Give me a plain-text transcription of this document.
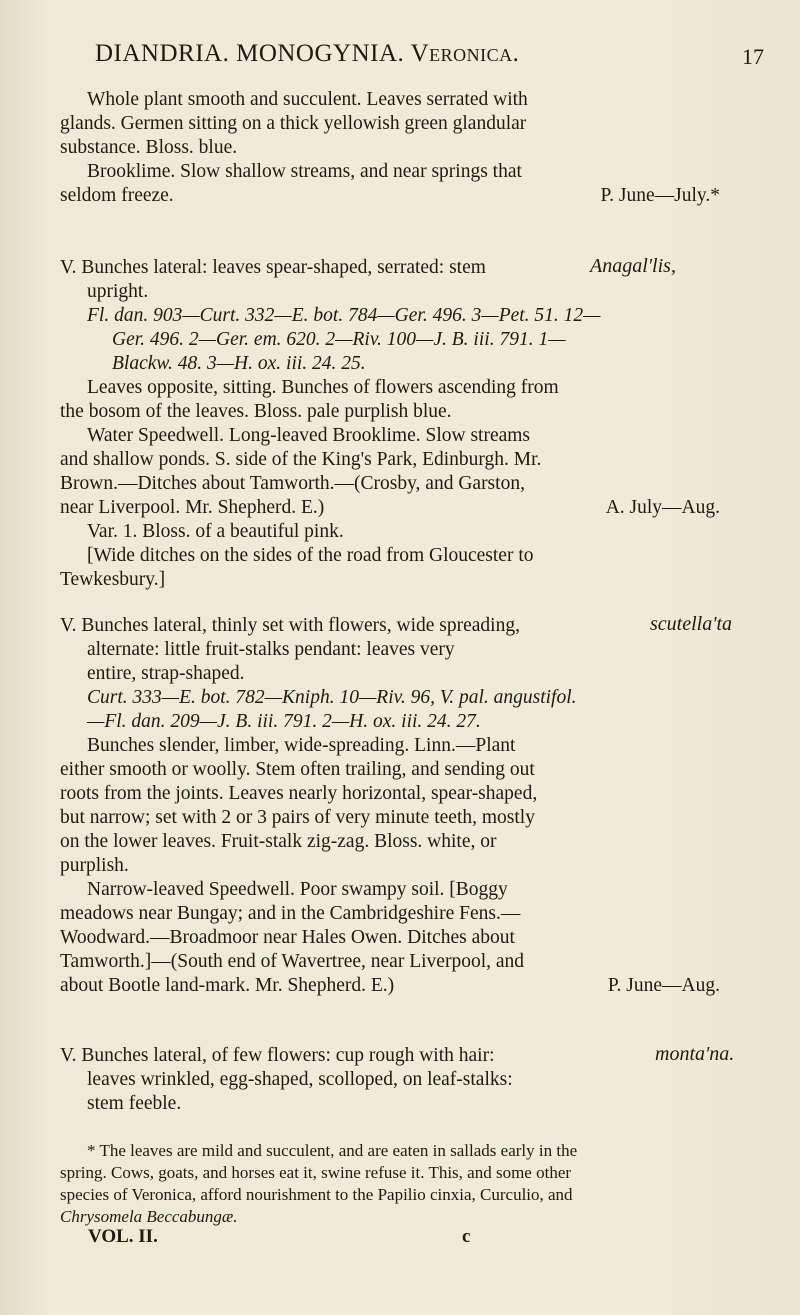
DIANDRIA. MONOGYNIA. Veronica.	17
Whole plant smooth and succulent. Leaves serrated with
glands. Germen sitting on a thick yellowish green glandular
substance. Bloss. blue.
Brooklime. Slow shallow streams, and near springs that
seldom freeze.	P. June—July.*
Anagal'lis,
V. Bunches lateral: leaves spear-shaped, serrated: stem
upright.
Fl. dan. 903—Curt. 332—E. bot. 784—Ger. 496. 3—Pet. 51. 12—
Ger. 496. 2—Ger. em. 620. 2—Riv. 100—J. B. iii. 791. 1—
Blackw. 48. 3—H. ox. iii. 24. 25.
Leaves opposite, sitting. Bunches of flowers ascending from
the bosom of the leaves. Bloss. pale purplish blue.
Water Speedwell. Long-leaved Brooklime. Slow streams
and shallow ponds. S. side of the King's Park, Edinburgh. Mr.
Brown.—Ditches about Tamworth.—(Crosby, and Garston,
near Liverpool. Mr. Shepherd. E.)	A. July—Aug.
Var. 1. Bloss. of a beautiful pink.
[Wide ditches on the sides of the road from Gloucester to
Tewkesbury.]
scutella'ta
V. Bunches lateral, thinly set with flowers, wide spreading,
alternate: little fruit-stalks pendant: leaves very
entire, strap-shaped.
Curt. 333—E. bot. 782—Kniph. 10—Riv. 96, V. pal. angustifol.
—Fl. dan. 209—J. B. iii. 791. 2—H. ox. iii. 24. 27.
Bunches slender, limber, wide-spreading. Linn.—Plant
either smooth or woolly. Stem often trailing, and sending out
roots from the joints. Leaves nearly horizontal, spear-shaped,
but narrow; set with 2 or 3 pairs of very minute teeth, mostly
on the lower leaves. Fruit-stalk zig-zag. Bloss. white, or
purplish.
Narrow-leaved Speedwell. Poor swampy soil. [Boggy
meadows near Bungay; and in the Cambridgeshire Fens.—
Woodward.—Broadmoor near Hales Owen. Ditches about
Tamworth.]—(South end of Wavertree, near Liverpool, and
about Bootle land-mark. Mr. Shepherd. E.)	P. June—Aug.
monta'na.
V. Bunches lateral, of few flowers: cup rough with hair:
leaves wrinkled, egg-shaped, scolloped, on leaf-stalks:
stem feeble.
* The leaves are mild and succulent, and are eaten in sallads early in the
spring. Cows, goats, and horses eat it, swine refuse it. This, and some other
species of Veronica, afford nourishment to the Papilio cinxia, Curculio, and
Chrysomela Beccabungæ.
VOL. II.	c
